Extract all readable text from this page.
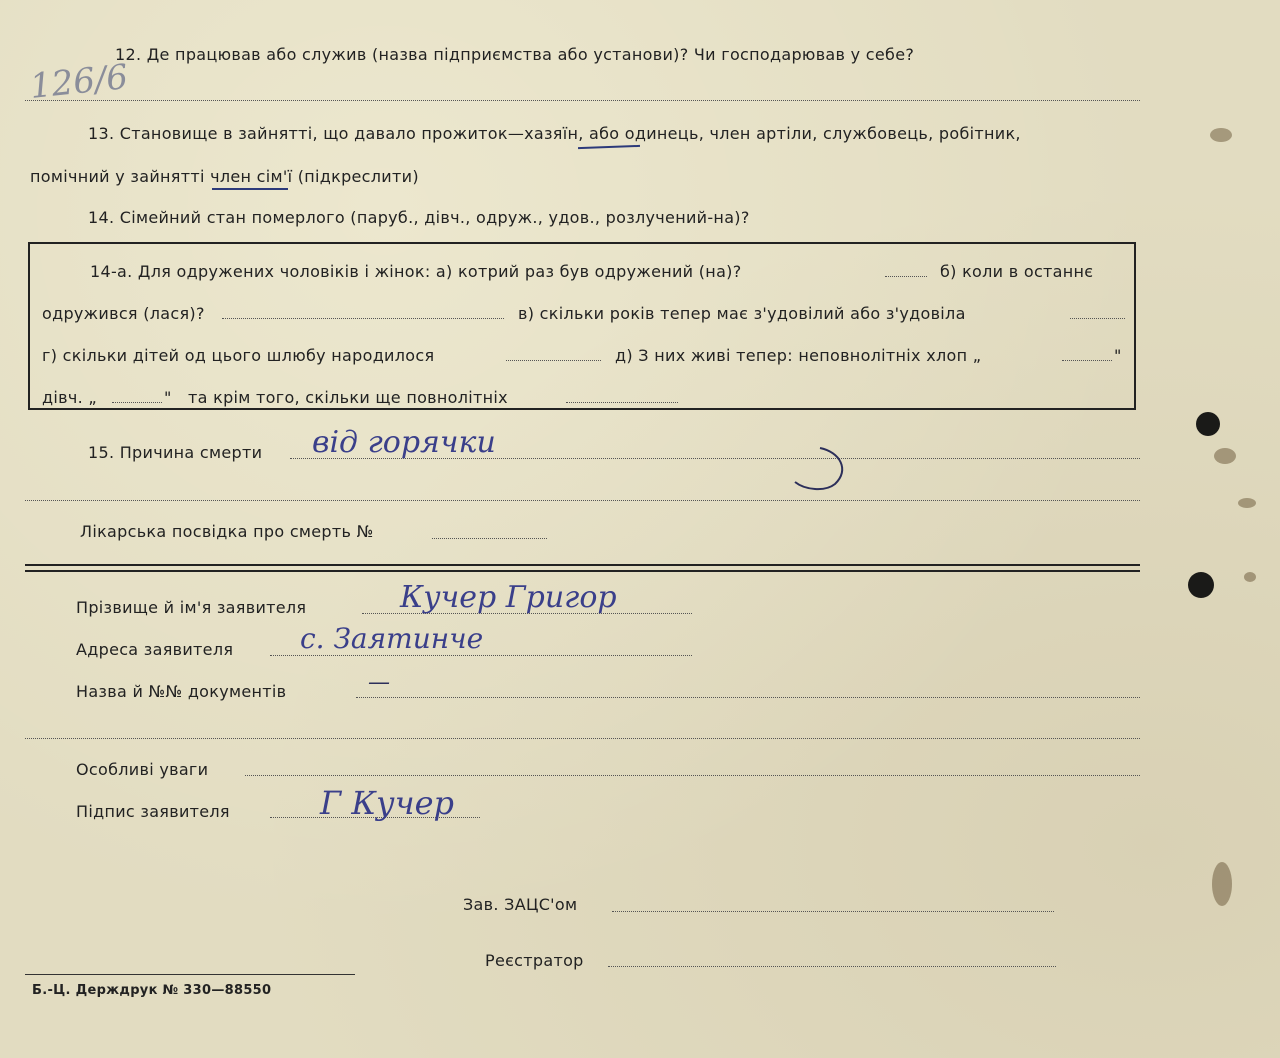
12. Де працював або служив (назва підприємства або установи)? Чи господарював у себе?
126/6
13. Становище в зайнятті, що давало прожиток—хазяїн, або одинець, член артіли, службовець, робітник,
помічний у зайнятті член сім'ї (підкреслити)
14. Сімейний стан померлого (паруб., дівч., одруж., удов., розлучений-на)?
14-а. Для одружених чоловіків і жінок: а) котрий раз був одружений (на)?	б) коли в останнє
одружився (лася)?	в) скільки років тепер має з'удовілий або з'удовіла
г) скільки дітей од цього шлюбу народилося	д) З них живі тепер: неповнолітніх хлоп „	"
дівч. „	" та крім того, скільки ще повнолітніх
15. Причина смерти від горячки
Лікарська посвідка про смерть №
Прізвище й ім'я заявителя	Кучер Григор
Адреса заявителя с. Заятинче
Назва й №№ документів	—
Особливі уваги
Підпис заявителя	Г Кучер
Зав. ЗАЦС'ом
Реєстратор
Б.-Ц. Держдрук № 330—88550
